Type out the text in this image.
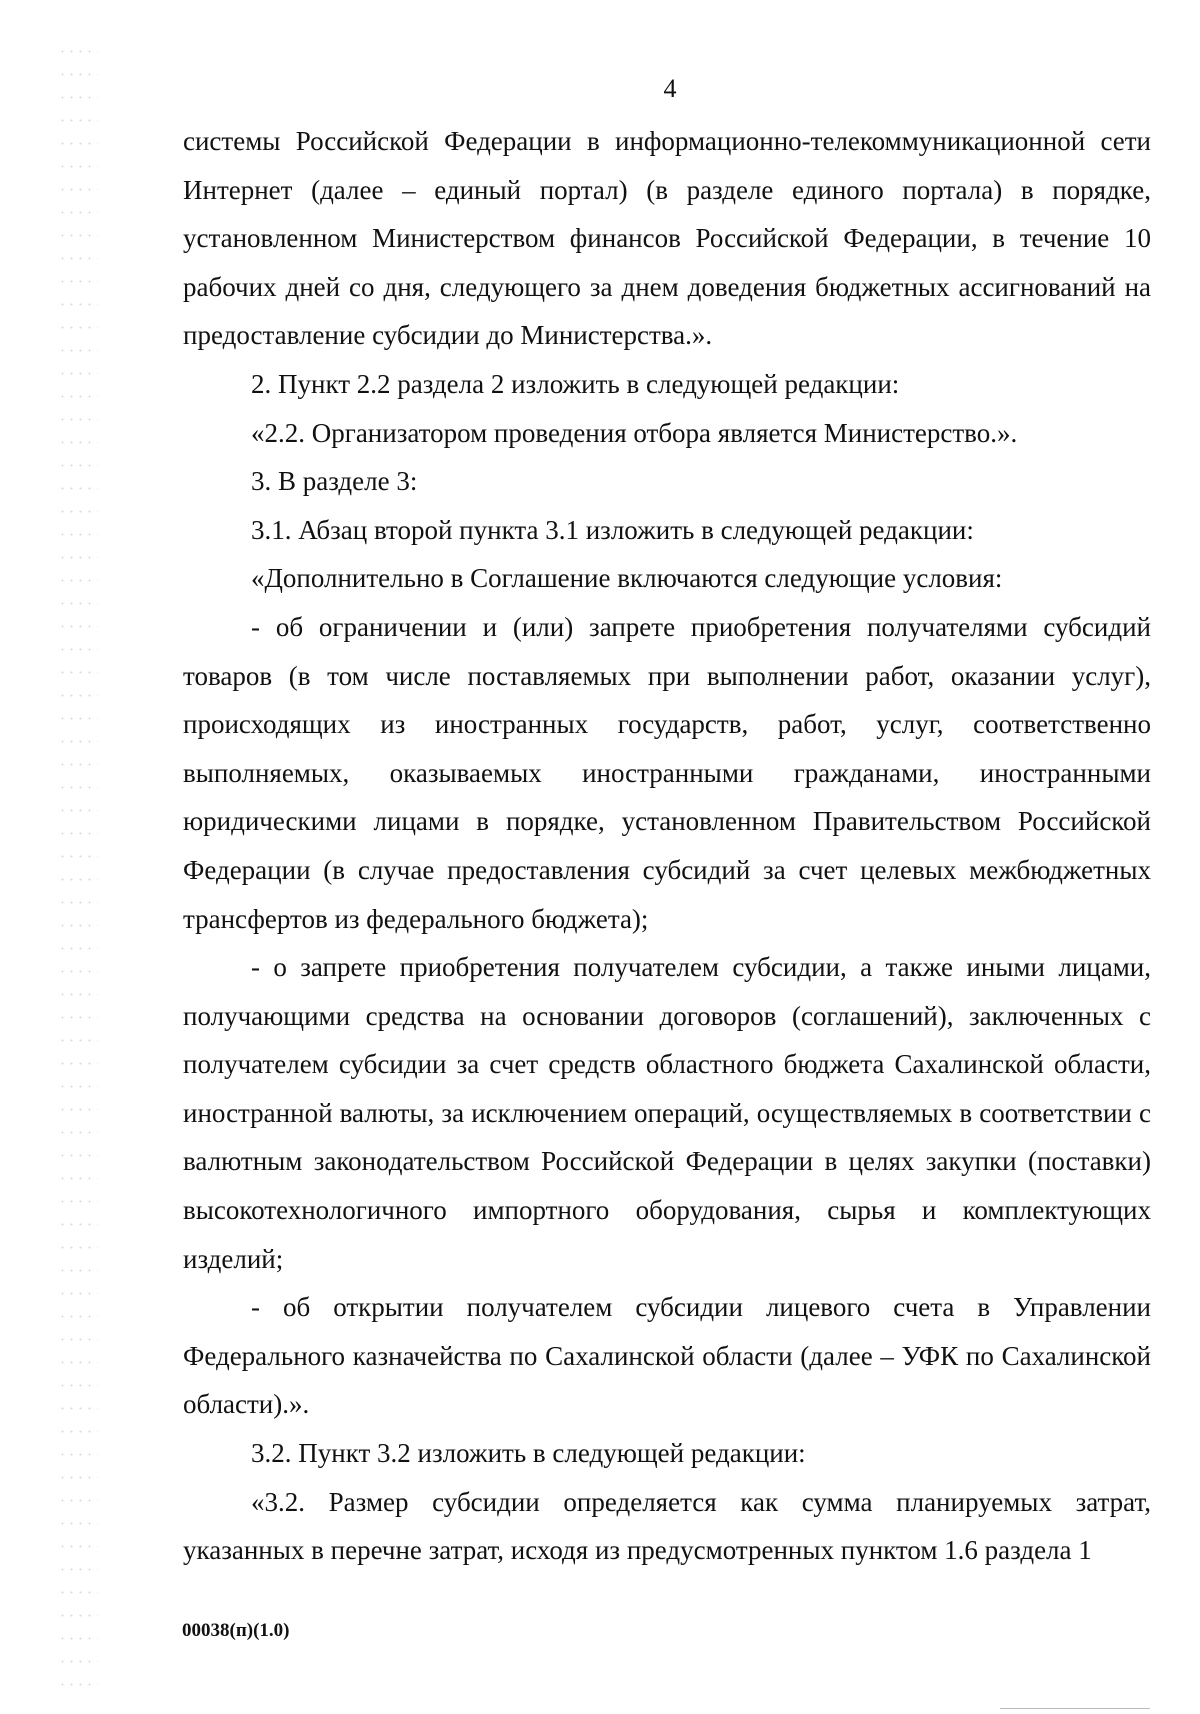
4

системы Российской Федерации в информационно-телекоммуникационной сети Интернет (далее – единый портал) (в разделе единого портала) в порядке, установленном Министерством финансов Российской Федерации, в течение 10 рабочих дней со дня, следующего за днем доведения бюджетных ассигнований на предоставление субсидии до Министерства.».

2. Пункт 2.2 раздела 2 изложить в следующей редакции:

«2.2. Организатором проведения отбора является Министерство.».

3. В разделе 3:

3.1. Абзац второй пункта 3.1 изложить в следующей редакции:

«Дополнительно в Соглашение включаются следующие условия:

- об ограничении и (или) запрете приобретения получателями субсидий товаров (в том числе поставляемых при выполнении работ, оказании услуг), происходящих из иностранных государств, работ, услуг, соответственно выполняемых, оказываемых иностранными гражданами, иностранными юридическими лицами в порядке, установленном Правительством Российской Федерации (в случае предоставления субсидий за счет целевых межбюджетных трансфертов из федерального бюджета);

- о запрете приобретения получателем субсидии, а также иными лицами, получающими средства на основании договоров (соглашений), заключенных с получателем субсидии за счет средств областного бюджета Сахалинской области, иностранной валюты, за исключением операций, осуществляемых в соответствии с валютным законодательством Российской Федерации в целях закупки (поставки) высокотехнологичного импортного оборудования, сырья и комплектующих изделий;

- об открытии получателем субсидии лицевого счета в Управлении Федерального казначейства по Сахалинской области (далее – УФК по Сахалинской области).».

3.2. Пункт 3.2 изложить в следующей редакции:

«3.2. Размер субсидии определяется как сумма планируемых затрат, указанных в перечне затрат, исходя из предусмотренных пунктом 1.6 раздела 1

00038(п)(1.0)
